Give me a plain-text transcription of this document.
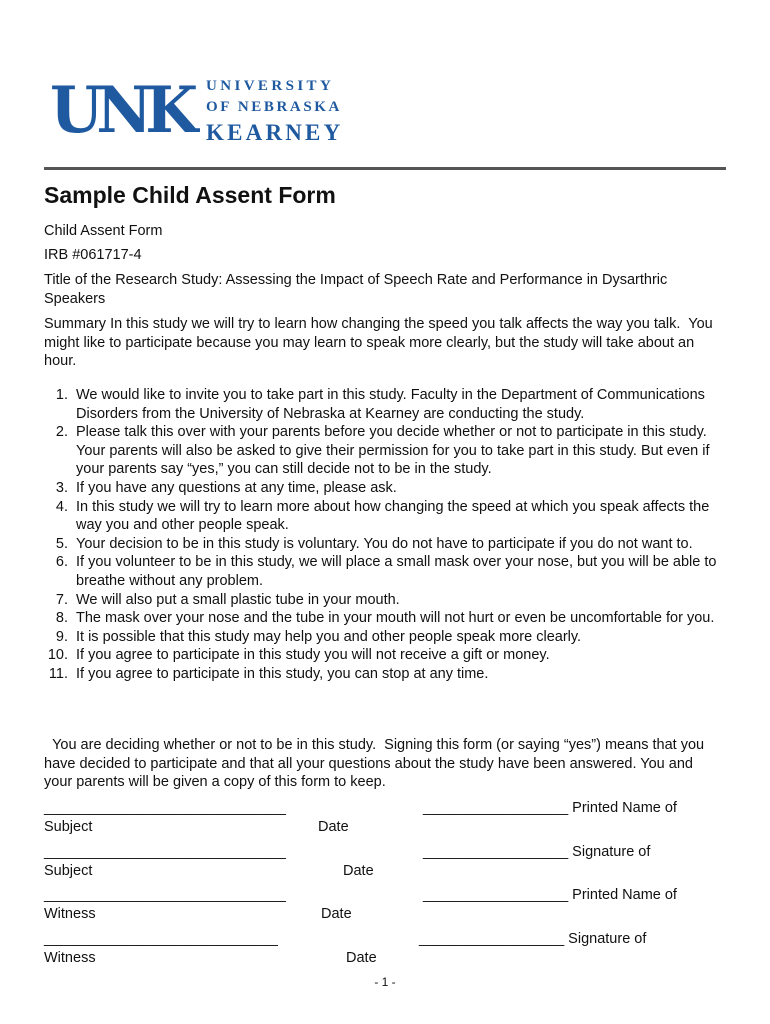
UNK UNIVERSITY
OF NEBRASKA
KEARNEY
Sample Child Assent Form

Child Assent Form

IRB #061717-4

Title of the Research Study: Assessing the Impact of Speech Rate and Performance in Dysarthric Speakers

Summary In this study we will try to learn how changing the speed you talk affects the way you talk.  You might like to participate because you may learn to speak more clearly, but the study will take about an hour.

1. We would like to invite you to take part in this study. Faculty in the Department of Communications Disorders from the University of Nebraska at Kearney are conducting the study.
2. Please talk this over with your parents before you decide whether or not to participate in this study. Your parents will also be asked to give their permission for you to take part in this study. But even if your parents say “yes,” you can still decide not to be in the study.
3. If you have any questions at any time, please ask.
4. In this study we will try to learn more about how changing the speed at which you speak affects the way you and other people speak.
5. Your decision to be in this study is voluntary. You do not have to participate if you do not want to.
6. If you volunteer to be in this study, we will place a small mask over your nose, but you will be able to breathe without any problem.
7. We will also put a small plastic tube in your mouth.
8. The mask over your nose and the tube in your mouth will not hurt or even be uncomfortable for you.
9. It is possible that this study may help you and other people speak more clearly.
10. If you agree to participate in this study you will not receive a gift or money.
11. If you agree to participate in this study, you can stop at any time.

You are deciding whether or not to be in this study.  Signing this form (or saying “yes”) means that you have decided to participate and that all your questions about the study have been answered. You and your parents will be given a copy of this form to keep.

______________________________	__________________ Printed Name of
Subject	Date
______________________________	__________________ Signature of
Subject	Date
______________________________	__________________ Printed Name of
Witness	Date
_____________________________	__________________ Signature of
Witness	Date
- 1 -
